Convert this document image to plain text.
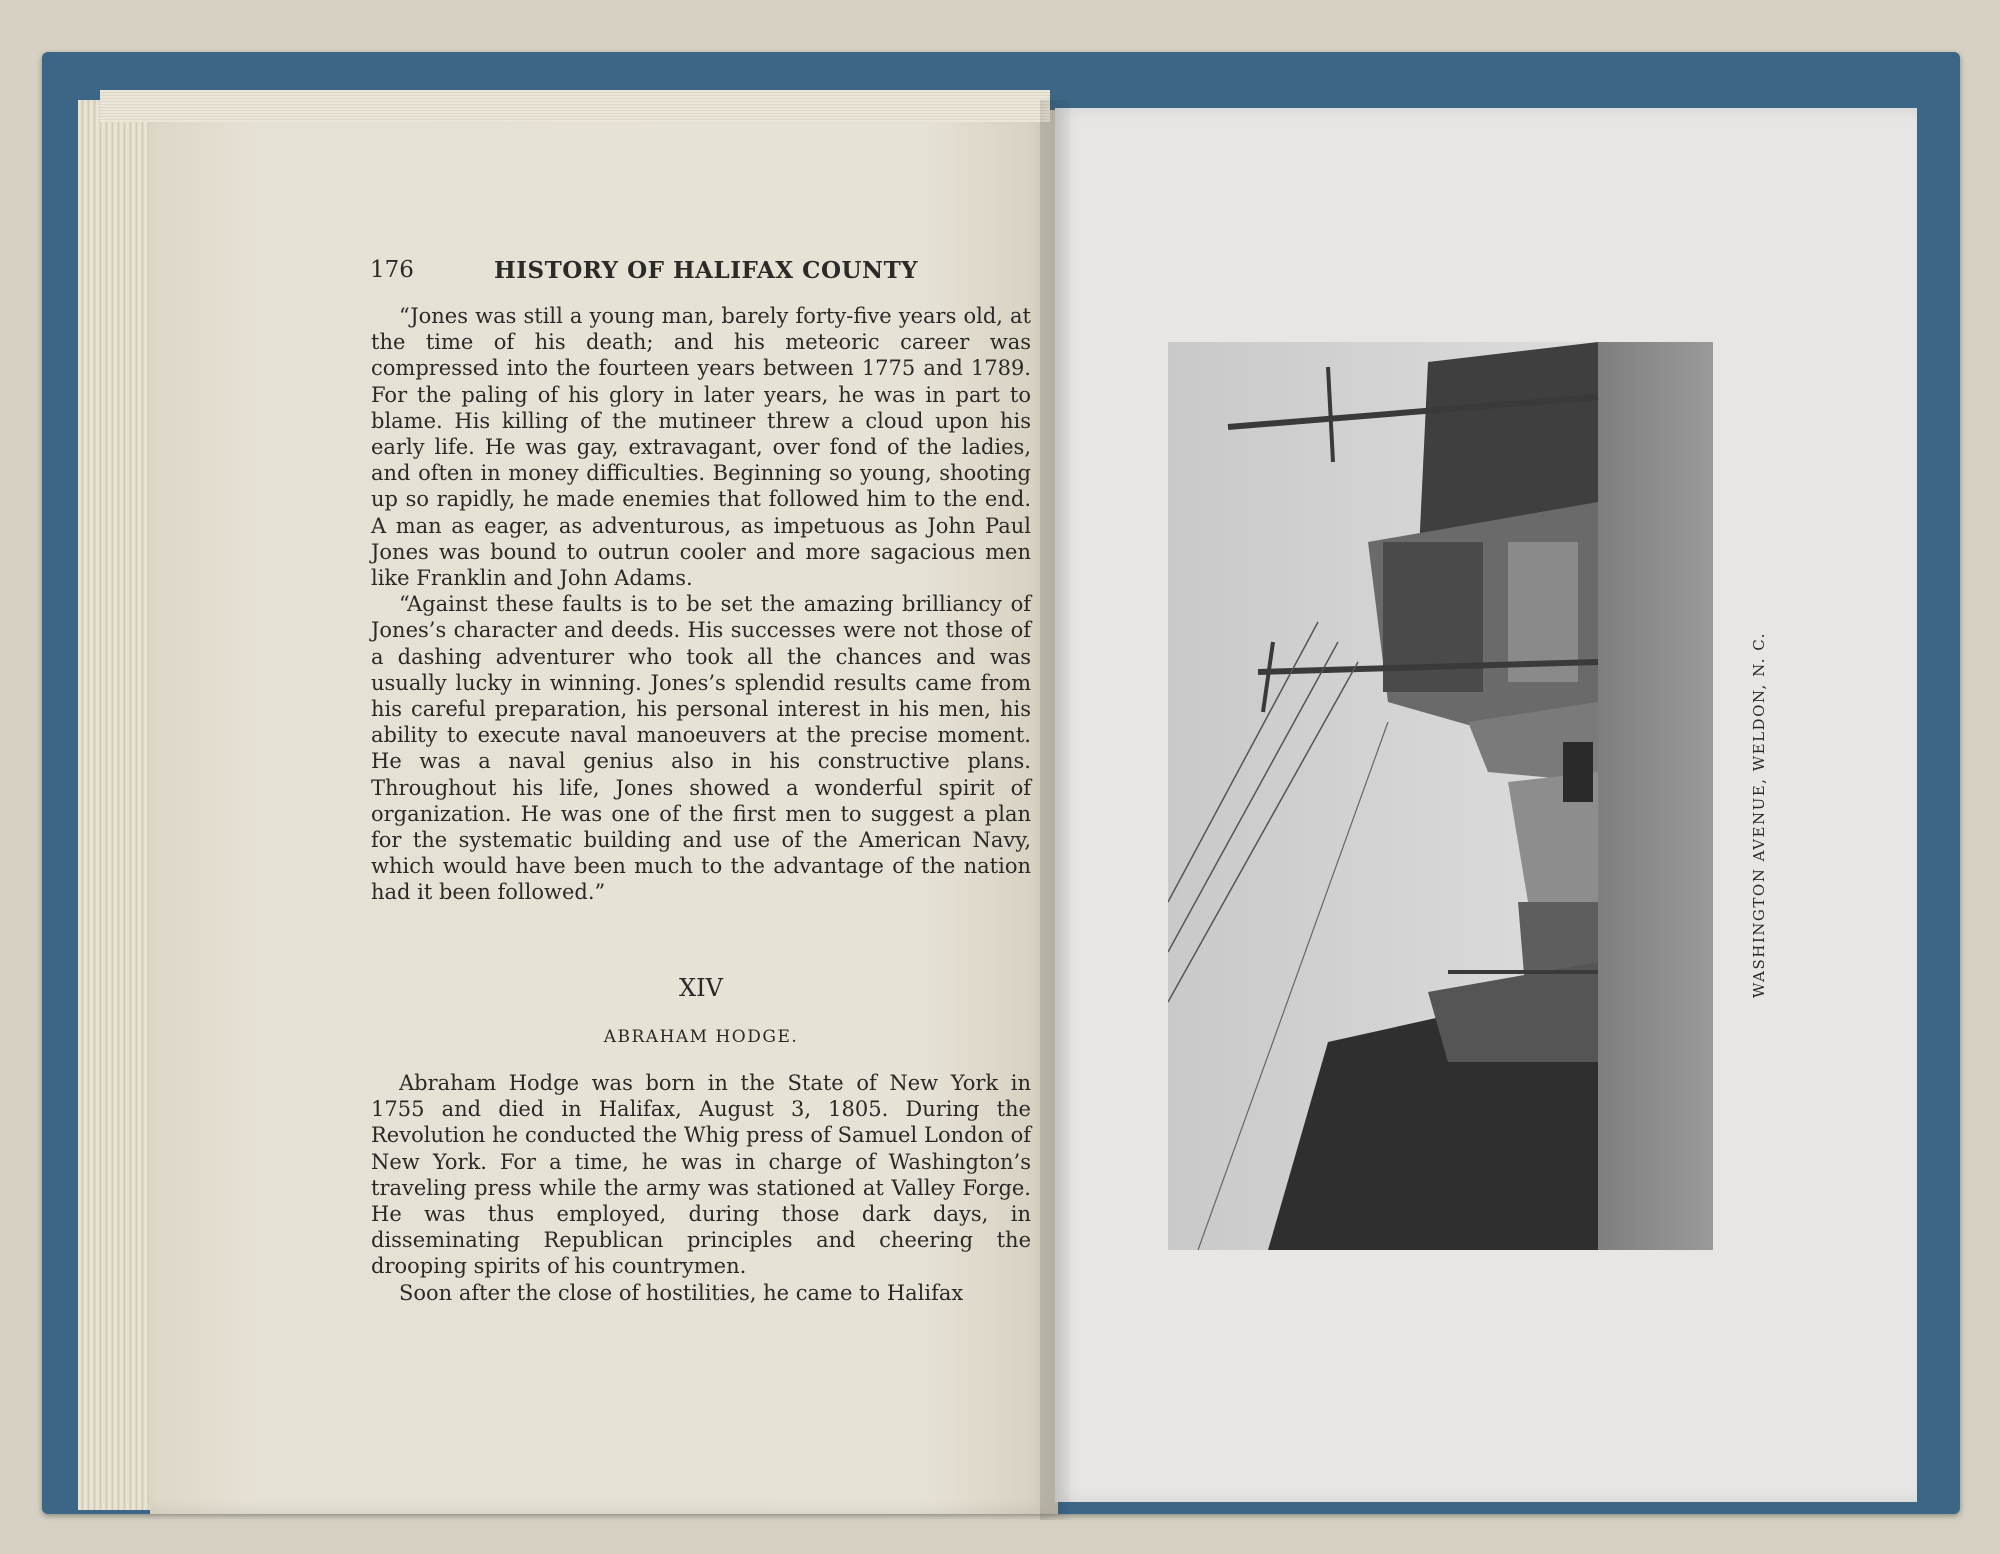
176	HISTORY OF HALIFAX COUNTY

“Jones was still a young man, barely forty-five years old, at the time of his death; and his meteoric career was compressed into the fourteen years between 1775 and 1789. For the paling of his glory in later years, he was in part to blame. His killing of the mutineer threw a cloud upon his early life. He was gay, extravagant, over fond of the ladies, and often in money difficulties. Beginning so young, shooting up so rapidly, he made enemies that followed him to the end. A man as eager, as adventurous, as impetuous as John Paul Jones was bound to outrun cooler and more sagacious men like Franklin and John Adams.

“Against these faults is to be set the amazing brilliancy of Jones’s character and deeds. His successes were not those of a dashing adventurer who took all the chances and was usually lucky in winning. Jones’s splendid results came from his careful preparation, his personal interest in his men, his ability to execute naval manoeuvers at the precise moment. He was a naval genius also in his constructive plans. Throughout his life, Jones showed a wonderful spirit of organization. He was one of the first men to suggest a plan for the systematic building and use of the American Navy, which would have been much to the advantage of the nation had it been followed.”

XIV
ABRAHAM HODGE.

Abraham Hodge was born in the State of New York in 1755 and died in Halifax, August 3, 1805. During the Revolution he conducted the Whig press of Samuel London of New York. For a time, he was in charge of Washington’s traveling press while the army was stationed at Valley Forge. He was thus employed, during those dark days, in disseminating Republican principles and cheering the drooping spirits of his countrymen.

Soon after the close of hostilities, he came to Halifax

WASHINGTON AVENUE, WELDON, N. C.
